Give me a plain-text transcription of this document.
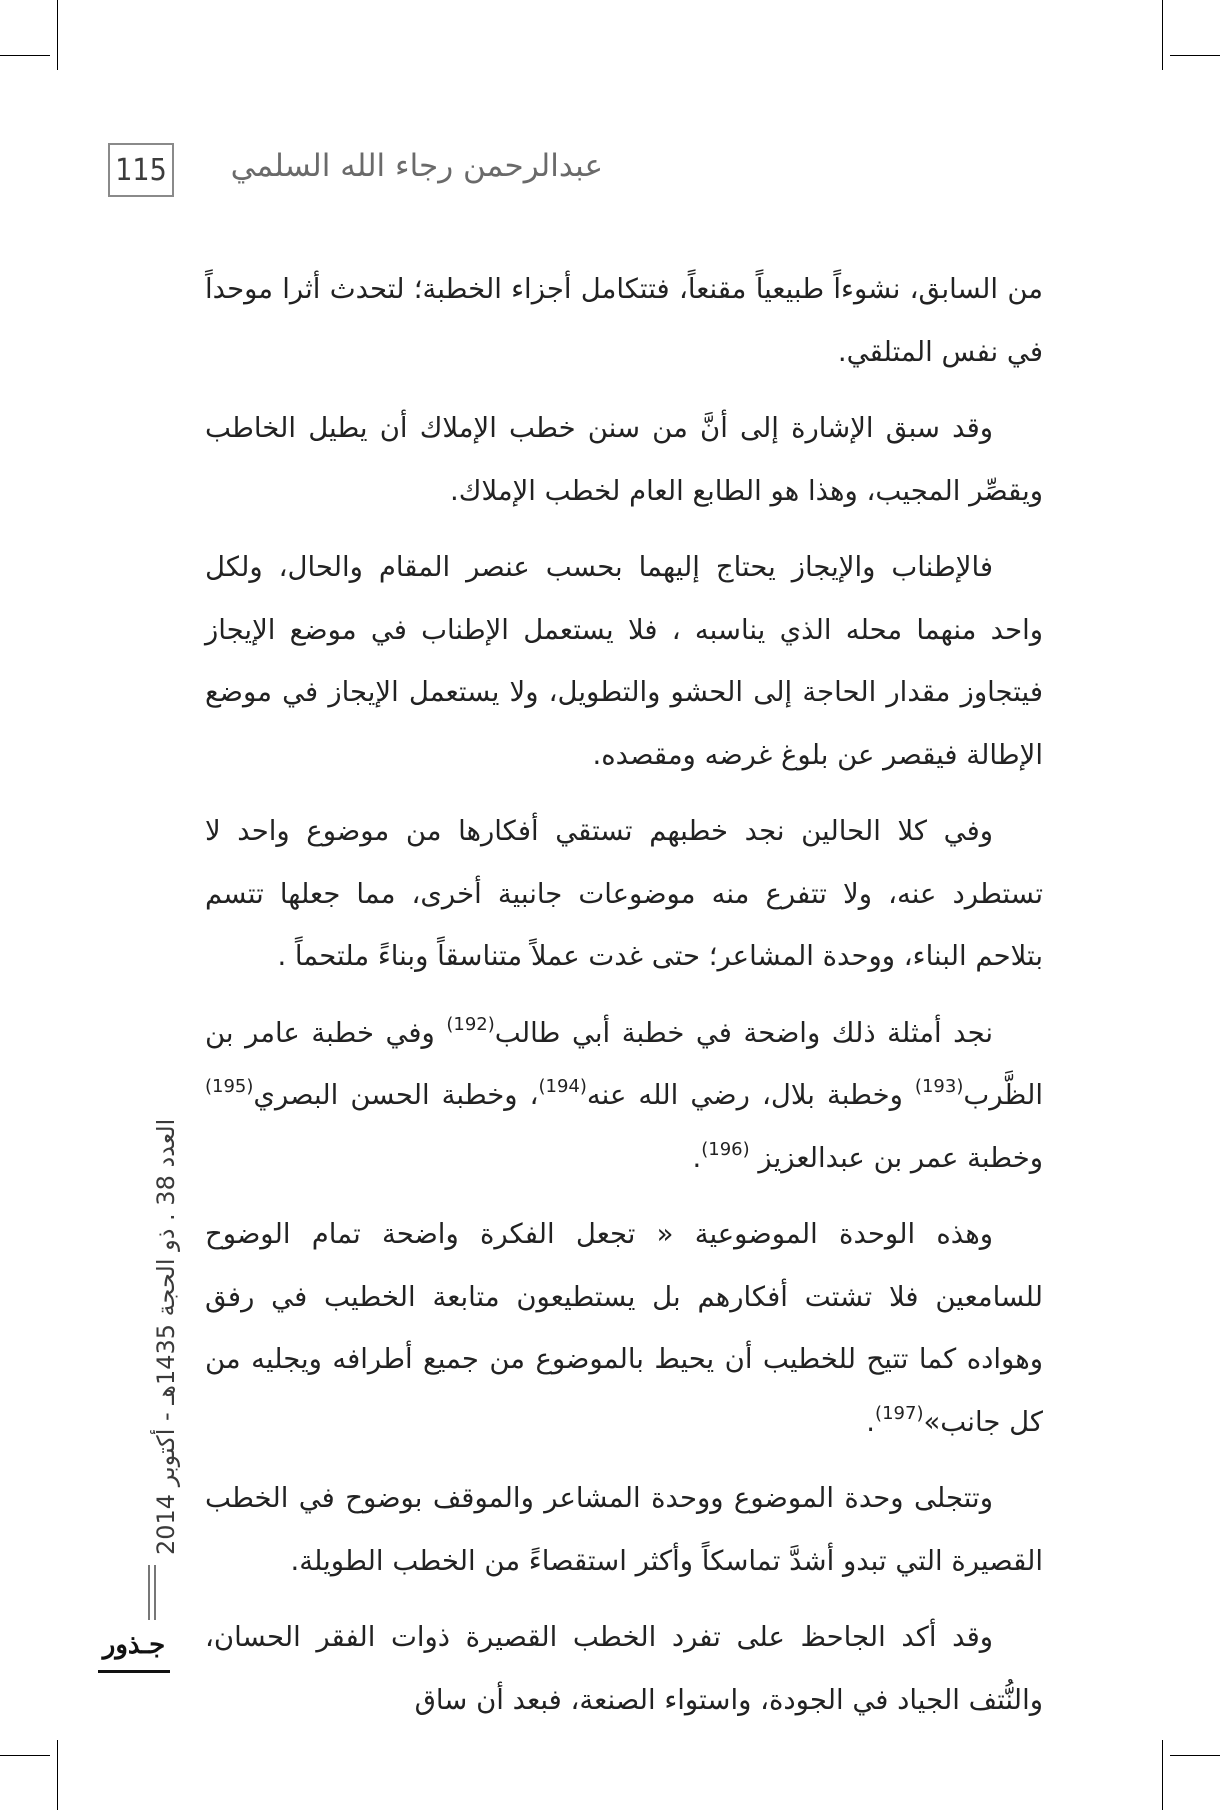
115	عبدالرحمن رجاء الله السلمي
العدد 38 . ذو الحجة 1435هـ - أكتوبر 2014
جـذور

من السابق، نشوءاً طبيعياً مقنعاً، فتتكامل أجزاء الخطبة؛ لتحدث أثرا موحداً في نفس المتلقي.

وقد سبق الإشارة إلى أنَّ من سنن خطب الإملاك أن يطيل الخاطب ويقصِّر المجيب، وهذا هو الطابع العام لخطب الإملاك.

فالإطناب والإيجاز يحتاج إليهما بحسب عنصر المقام والحال، ولكل واحد منهما محله الذي يناسبه ، فلا يستعمل الإطناب في موضع الإيجاز فيتجاوز مقدار الحاجة إلى الحشو والتطويل، ولا يستعمل الإيجاز في موضع الإطالة فيقصر عن بلوغ غرضه ومقصده.

وفي كلا الحالين نجد خطبهم تستقي أفكارها من موضوع واحد لا تستطرد عنه، ولا تتفرع منه موضوعات جانبية أخرى، مما جعلها تتسم بتلاحم البناء، ووحدة المشاعر؛ حتى غدت عملاً متناسقاً وبناءً ملتحماً .

نجد أمثلة ذلك واضحة في خطبة أبي طالب$^{(192)}$ وفي خطبة عامر بن الظَّرب$^{(193)}$ وخطبة بلال، رضي الله عنه$^{(194)}$، وخطبة الحسن البصري$^{(195)}$ وخطبة عمر بن عبدالعزيز $^{(196)}$.

وهذه الوحدة الموضوعية « تجعل الفكرة واضحة تمام الوضوح للسامعين فلا تشتت أفكارهم بل يستطيعون متابعة الخطيب في رفق وهواده كما تتيح للخطيب أن يحيط بالموضوع من جميع أطرافه ويجليه من كل جانب»$^{(197)}$.

وتتجلى وحدة الموضوع ووحدة المشاعر والموقف بوضوح في الخطب القصيرة التي تبدو أشدَّ تماسكاً وأكثر استقصاءً من الخطب الطويلة.

وقد أكد الجاحظ على تفرد الخطب القصيرة ذوات الفقر الحسان، والنُّتف الجياد في الجودة، واستواء الصنعة، فبعد أن ساق
